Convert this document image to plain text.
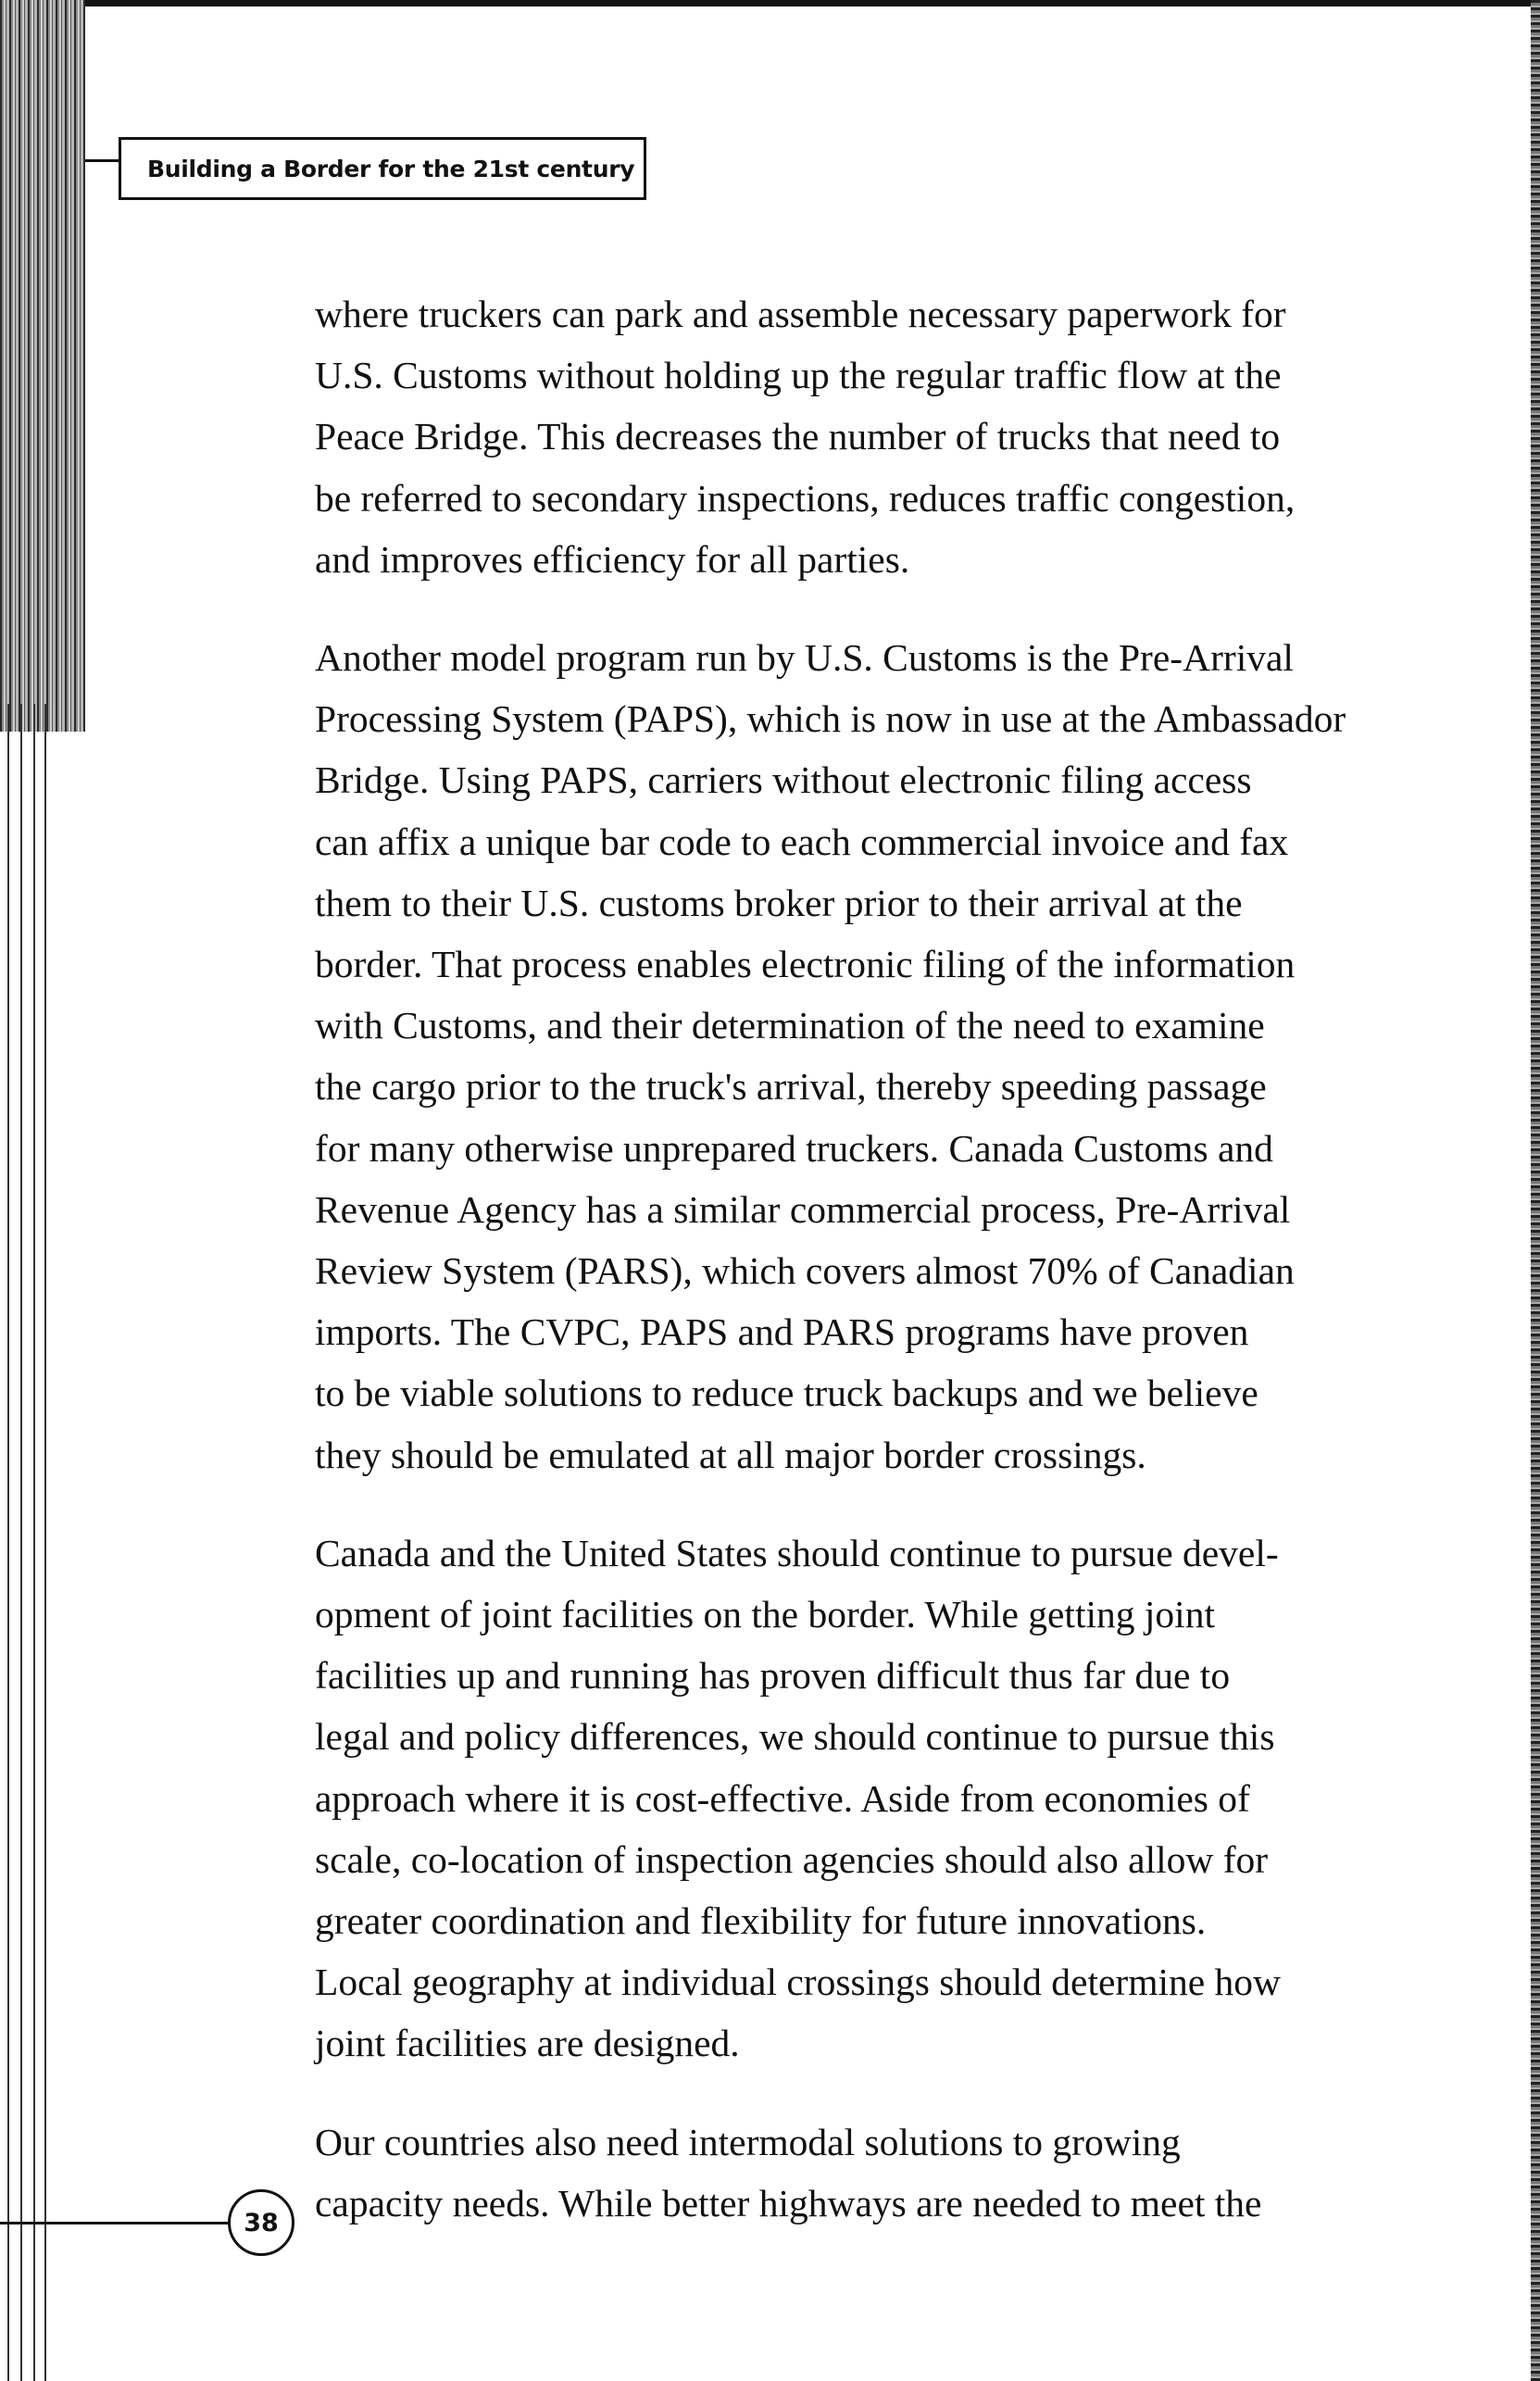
Building a Border for the 21st century

where truckers can park and assemble necessary paperwork for
U.S. Customs without holding up the regular traffic flow at the
Peace Bridge. This decreases the number of trucks that need to
be referred to secondary inspections, reduces traffic congestion,
and improves efficiency for all parties.

Another model program run by U.S. Customs is the Pre-Arrival
Processing System (PAPS), which is now in use at the Ambassador
Bridge. Using PAPS, carriers without electronic filing access
can affix a unique bar code to each commercial invoice and fax
them to their U.S. customs broker prior to their arrival at the
border. That process enables electronic filing of the information
with Customs, and their determination of the need to examine
the cargo prior to the truck's arrival, thereby speeding passage
for many otherwise unprepared truckers. Canada Customs and
Revenue Agency has a similar commercial process, Pre-Arrival
Review System (PARS), which covers almost 70% of Canadian
imports. The CVPC, PAPS and PARS programs have proven
to be viable solutions to reduce truck backups and we believe
they should be emulated at all major border crossings.

Canada and the United States should continue to pursue devel-
opment of joint facilities on the border. While getting joint
facilities up and running has proven difficult thus far due to
legal and policy differences, we should continue to pursue this
approach where it is cost-effective. Aside from economies of
scale, co-location of inspection agencies should also allow for
greater coordination and flexibility for future innovations.
Local geography at individual crossings should determine how
joint facilities are designed.

Our countries also need intermodal solutions to growing
capacity needs. While better highways are needed to meet the

38
